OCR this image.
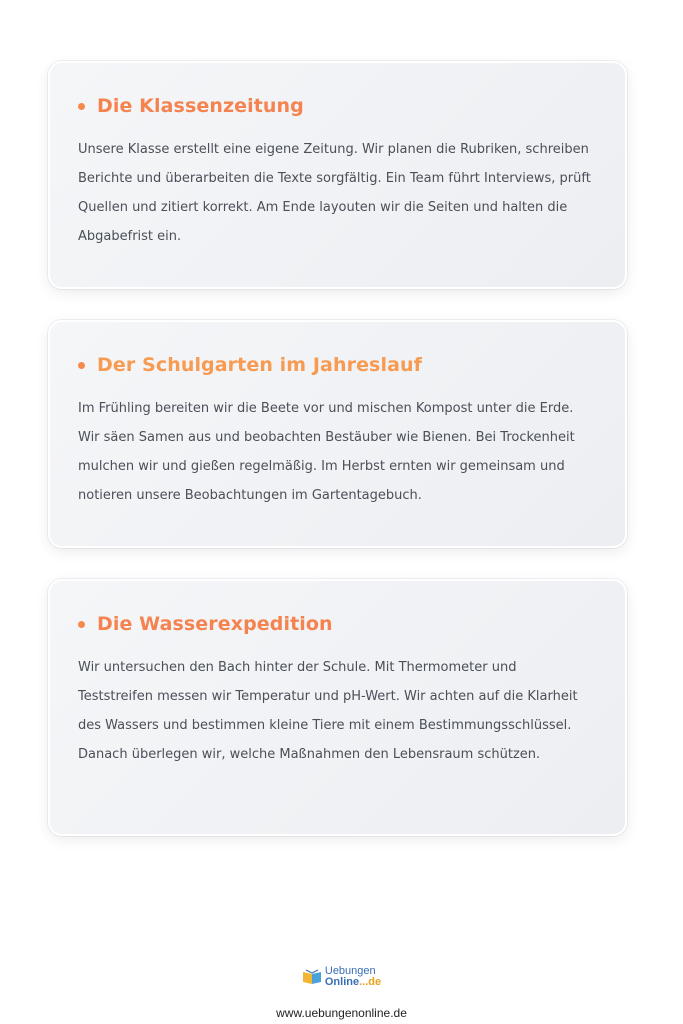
Die Klassenzeitung

Unsere Klasse erstellt eine eigene Zeitung. Wir planen die Rubriken, schreiben Berichte und überarbeiten die Texte sorgfältig. Ein Team führt Interviews, prüft Quellen und zitiert korrekt. Am Ende layouten wir die Seiten und halten die Abgabefrist ein.

Der Schulgarten im Jahreslauf

Im Frühling bereiten wir die Beete vor und mischen Kompost unter die Erde. Wir säen Samen aus und beobachten Bestäuber wie Bienen. Bei Trockenheit mulchen wir und gießen regelmäßig. Im Herbst ernten wir gemeinsam und notieren unsere Beobachtungen im Gartentagebuch.

Die Wasserexpedition

Wir untersuchen den Bach hinter der Schule. Mit Thermometer und Teststreifen messen wir Temperatur und pH-Wert. Wir achten auf die Klarheit des Wassers und bestimmen kleine Tiere mit einem Bestimmungsschlüssel. Danach überlegen wir, welche Maßnahmen den Lebensraum schützen.

Uebungen
Online...de
www.uebungenonline.de
